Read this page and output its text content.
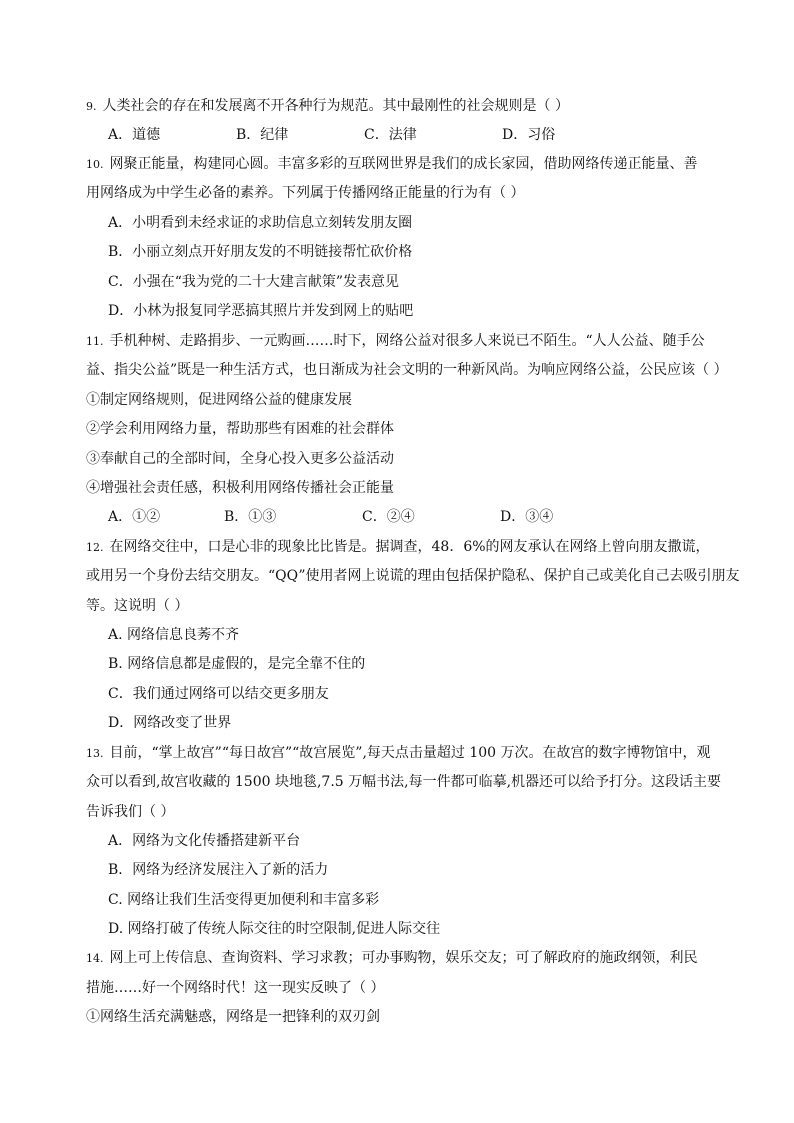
9. 人类社会的存在和发展离不开各种行为规范。其中最刚性的社会规则是（ ）
A．道德	B．纪律	C．法律	D．习俗
10. 网聚正能量，构建同心圆。丰富多彩的互联网世界是我们的成长家园，借助网络传递正能量、善
用网络成为中学生必备的素养。下列属于传播网络正能量的行为有（ ）
A．小明看到未经求证的求助信息立刻转发朋友圈
B．小丽立刻点开好朋友发的不明链接帮忙砍价格
C．小强在“我为党的二十大建言献策”发表意见
D．小林为报复同学恶搞其照片并发到网上的贴吧
11. 手机种树、走路捐步、一元购画……时下，网络公益对很多人来说已不陌生。“人人公益、随手公
益、指尖公益”既是一种生活方式，也日渐成为社会文明的一种新风尚。为响应网络公益，公民应该（ ）
①制定网络规则，促进网络公益的健康发展
②学会利用网络力量，帮助那些有困难的社会群体
③奉献自己的全部时间，全身心投入更多公益活动
④增强社会责任感，积极利用网络传播社会正能量
A．①②	B．①③	C．②④	D．③④
12. 在网络交往中，口是心非的现象比比皆是。据调查，48．6%的网友承认在网络上曾向朋友撒谎，
或用另一个身份去结交朋友。“QQ”使用者网上说谎的理由包括保护隐私、保护自己或美化自己去吸引朋友
等。这说明（ ）
A. 网络信息良莠不齐
B. 网络信息都是虚假的，是完全靠不住的
C．我们通过网络可以结交更多朋友
D．网络改变了世界
13. 目前，“掌上故宫”“每日故宫”“故宫展览”,每天点击量超过 100 万次。在故宫的数字博物馆中，观
众可以看到,故宫收藏的 1500 块地毯,7.5 万幅书法,每一件都可临摹,机器还可以给予打分。这段话主要
告诉我们（ ）
A．网络为文化传播搭建新平台
B．网络为经济发展注入了新的活力
C. 网络让我们生活变得更加便利和丰富多彩
D. 网络打破了传统人际交往的时空限制,促进人际交往
14. 网上可上传信息、查询资料、学习求教；可办事购物，娱乐交友；可了解政府的施政纲领，利民
措施……好一个网络时代！这一现实反映了（ ）
①网络生活充满魅惑，网络是一把锋利的双刃剑
